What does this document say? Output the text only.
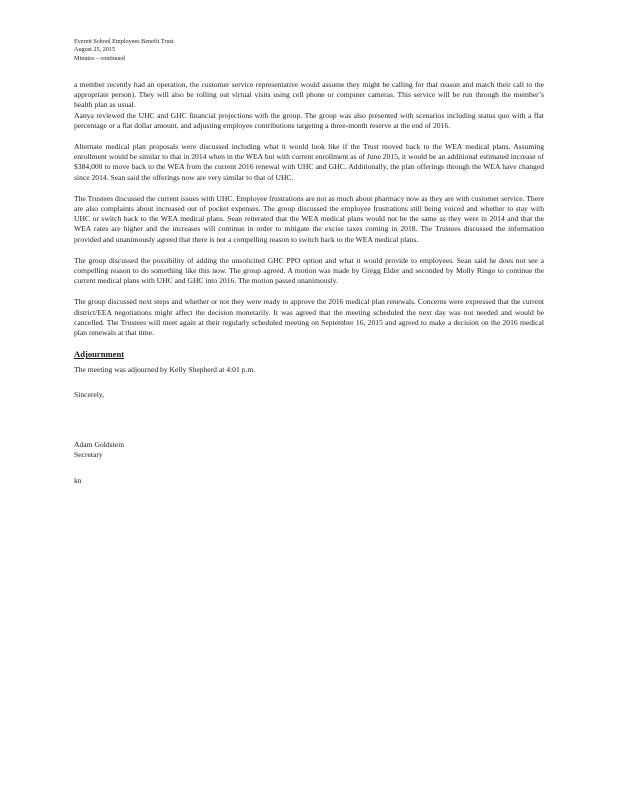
Everett School Employees Benefit Trust
August 25, 2015
Minutes – continued

a member recently had an operation, the customer service representative would assume they might be calling for that reason and match their call to the appropriate person). They will also be rolling out virtual visits using cell phone or computer cameras. This service will be run through the member’s health plan as usual.

Aanya reviewed the UHC and GHC financial projections with the group. The group was also presented with scenarios including status quo with a flat percentage or a flat dollar amount, and adjusting employee contributions targeting a three-month reserve at the end of 2016.

Alternate medical plan proposals were discussed including what it would look like if the Trust moved back to the WEA medical plans. Assuming enrollment would be similar to that in 2014 when in the WEA but with current enrollment as of June 2015, it would be an additional estimated increase of $384,000 to move back to the WEA from the current 2016 renewal with UHC and GHC. Additionally, the plan offerings through the WEA have changed since 2014. Sean said the offerings now are very similar to that of UHC.

The Trustees discussed the current issues with UHC. Employee frustrations are not as much about pharmacy now as they are with customer service. There are also complaints about increased out of pocket expenses. The group discussed the employee frustrations still being voiced and whether to stay with UHC or switch back to the WEA medical plans. Sean reiterated that the WEA medical plans would not be the same as they were in 2014 and that the WEA rates are higher and the increases will continue in order to mitigate the excise taxes coming in 2018. The Trustees discussed the information provided and unanimously agreed that there is not a compelling reason to switch back to the WEA medical plans.

The group discussed the possibility of adding the unsolicited GHC PPO option and what it would provide to employees. Sean said he does not see a compelling reason to do something like this now. The group agreed. A motion was made by Gregg Elder and seconded by Molly Ringo to continue the current medical plans with UHC and GHC into 2016. The motion passed unanimously.

The group discussed next steps and whether or not they were ready to approve the 2016 medical plan renewals. Concerns were expressed that the current district/EEA negotiations might affect the decision monetarily. It was agreed that the meeting scheduled the next day was not needed and would be cancelled. The Trustees will meet again at their regularly scheduled meeting on September 16, 2015 and agreed to make a decision on the 2016 medical plan renewals at that time.

Adjournment

The meeting was adjourned by Kelly Shepherd at 4:01 p.m.

Sincerely,

Adam Goldstein
Secretary
kn
